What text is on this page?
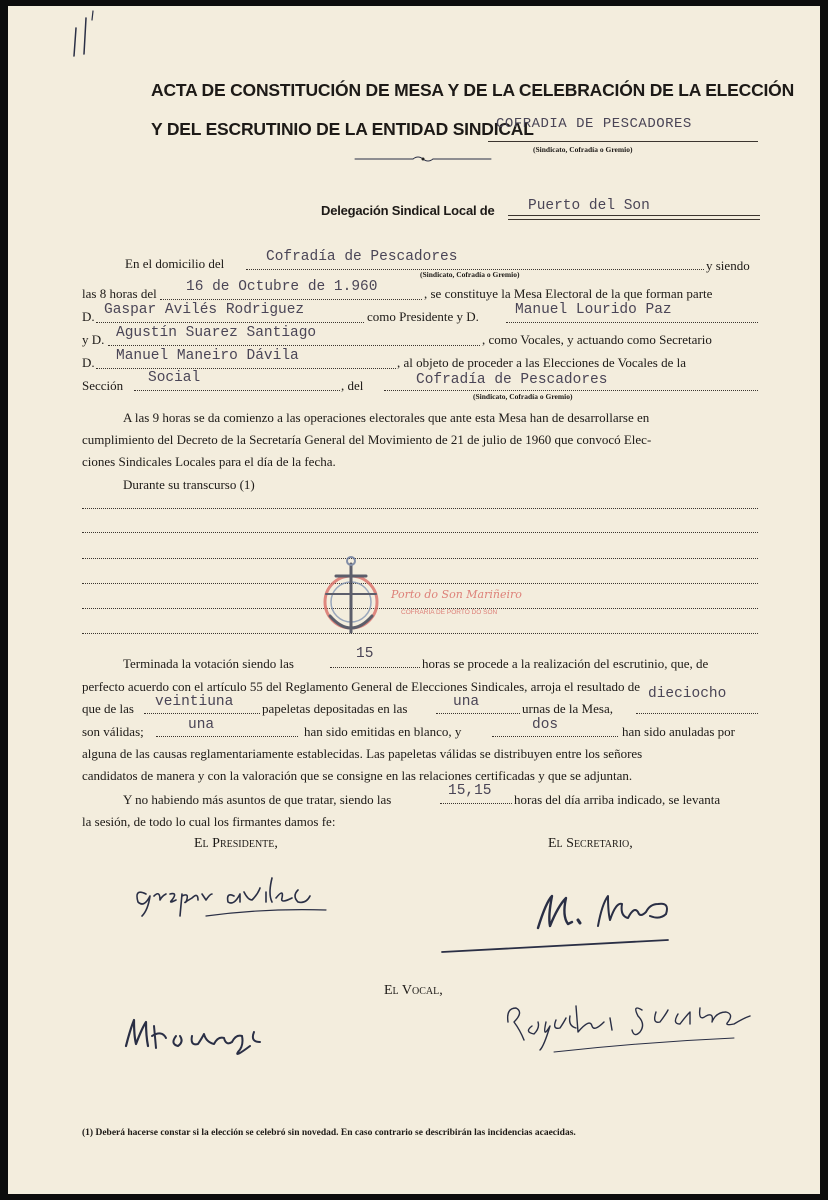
ACTA DE CONSTITUCIÓN DE MESA Y DE LA CELEBRACIÓN DE LA ELECCIÓN
Y DEL ESCRUTINIO DE LA ENTIDAD SINDICAL
COFRADIA DE PESCADORES
(Sindicato, Cofradía o Gremio)
Delegación Sindical Local de Puerto del Son
En el domicilio del	Cofradía de Pescadores
(Sindicato, Cofradía o Gremio)
y siendo
las 8 horas del 16 de Octubre de 1.960	, se constituye la Mesa Electoral de la que forman parte
D. Gaspar Avilés Rodriguez	como Presidente y D. Manuel Lourido Paz
y D. Agustín Suarez Santiago	, como Vocales, y actuando como Secretario
D. Manuel Maneiro Dávila	, al objeto de proceder a las Elecciones de Vocales de la
Sección Social	, del	Cofradía de Pescadores
(Sindicato, Cofradía o Gremio)
A las 9 horas se da comienzo a las operaciones electorales que ante esta Mesa han de desarrollarse en
cumplimiento del Decreto de la Secretaría General del Movimiento de 21 de julio de 1960 que convocó Elec-
ciones Sindicales Locales para el día de la fecha.
Durante su transcurso (1)
Porto do Son Mariñeiro
COFRARÍA DE PORTO DO SON
Terminada la votación siendo las
15
horas se procede a la realización del escrutinio, que, de
perfecto acuerdo con el artículo 55 del Reglamento General de Elecciones Sindicales, arroja el resultado de
que de las veintiuna papeletas depositadas en las	una	urnas de la Mesa,
dieciocho
son válidas;	una	han sido emitidas en blanco, y	dos	han sido anuladas por
alguna de las causas reglamentariamente establecidas. Las papeletas válidas se distribuyen entre los señores
candidatos de manera y con la valoración que se consigne en las relaciones certificadas y que se adjuntan.
Y no habiendo más asuntos de que tratar, siendo las
15,15
horas del día arriba indicado, se levanta
la sesión, de todo lo cual los firmantes damos fe:
El Presidente,	El Secretario,
El Vocal,
(1) Deberá hacerse constar si la elección se celebró sin novedad. En caso contrario se describirán las incidencias acaecidas.
